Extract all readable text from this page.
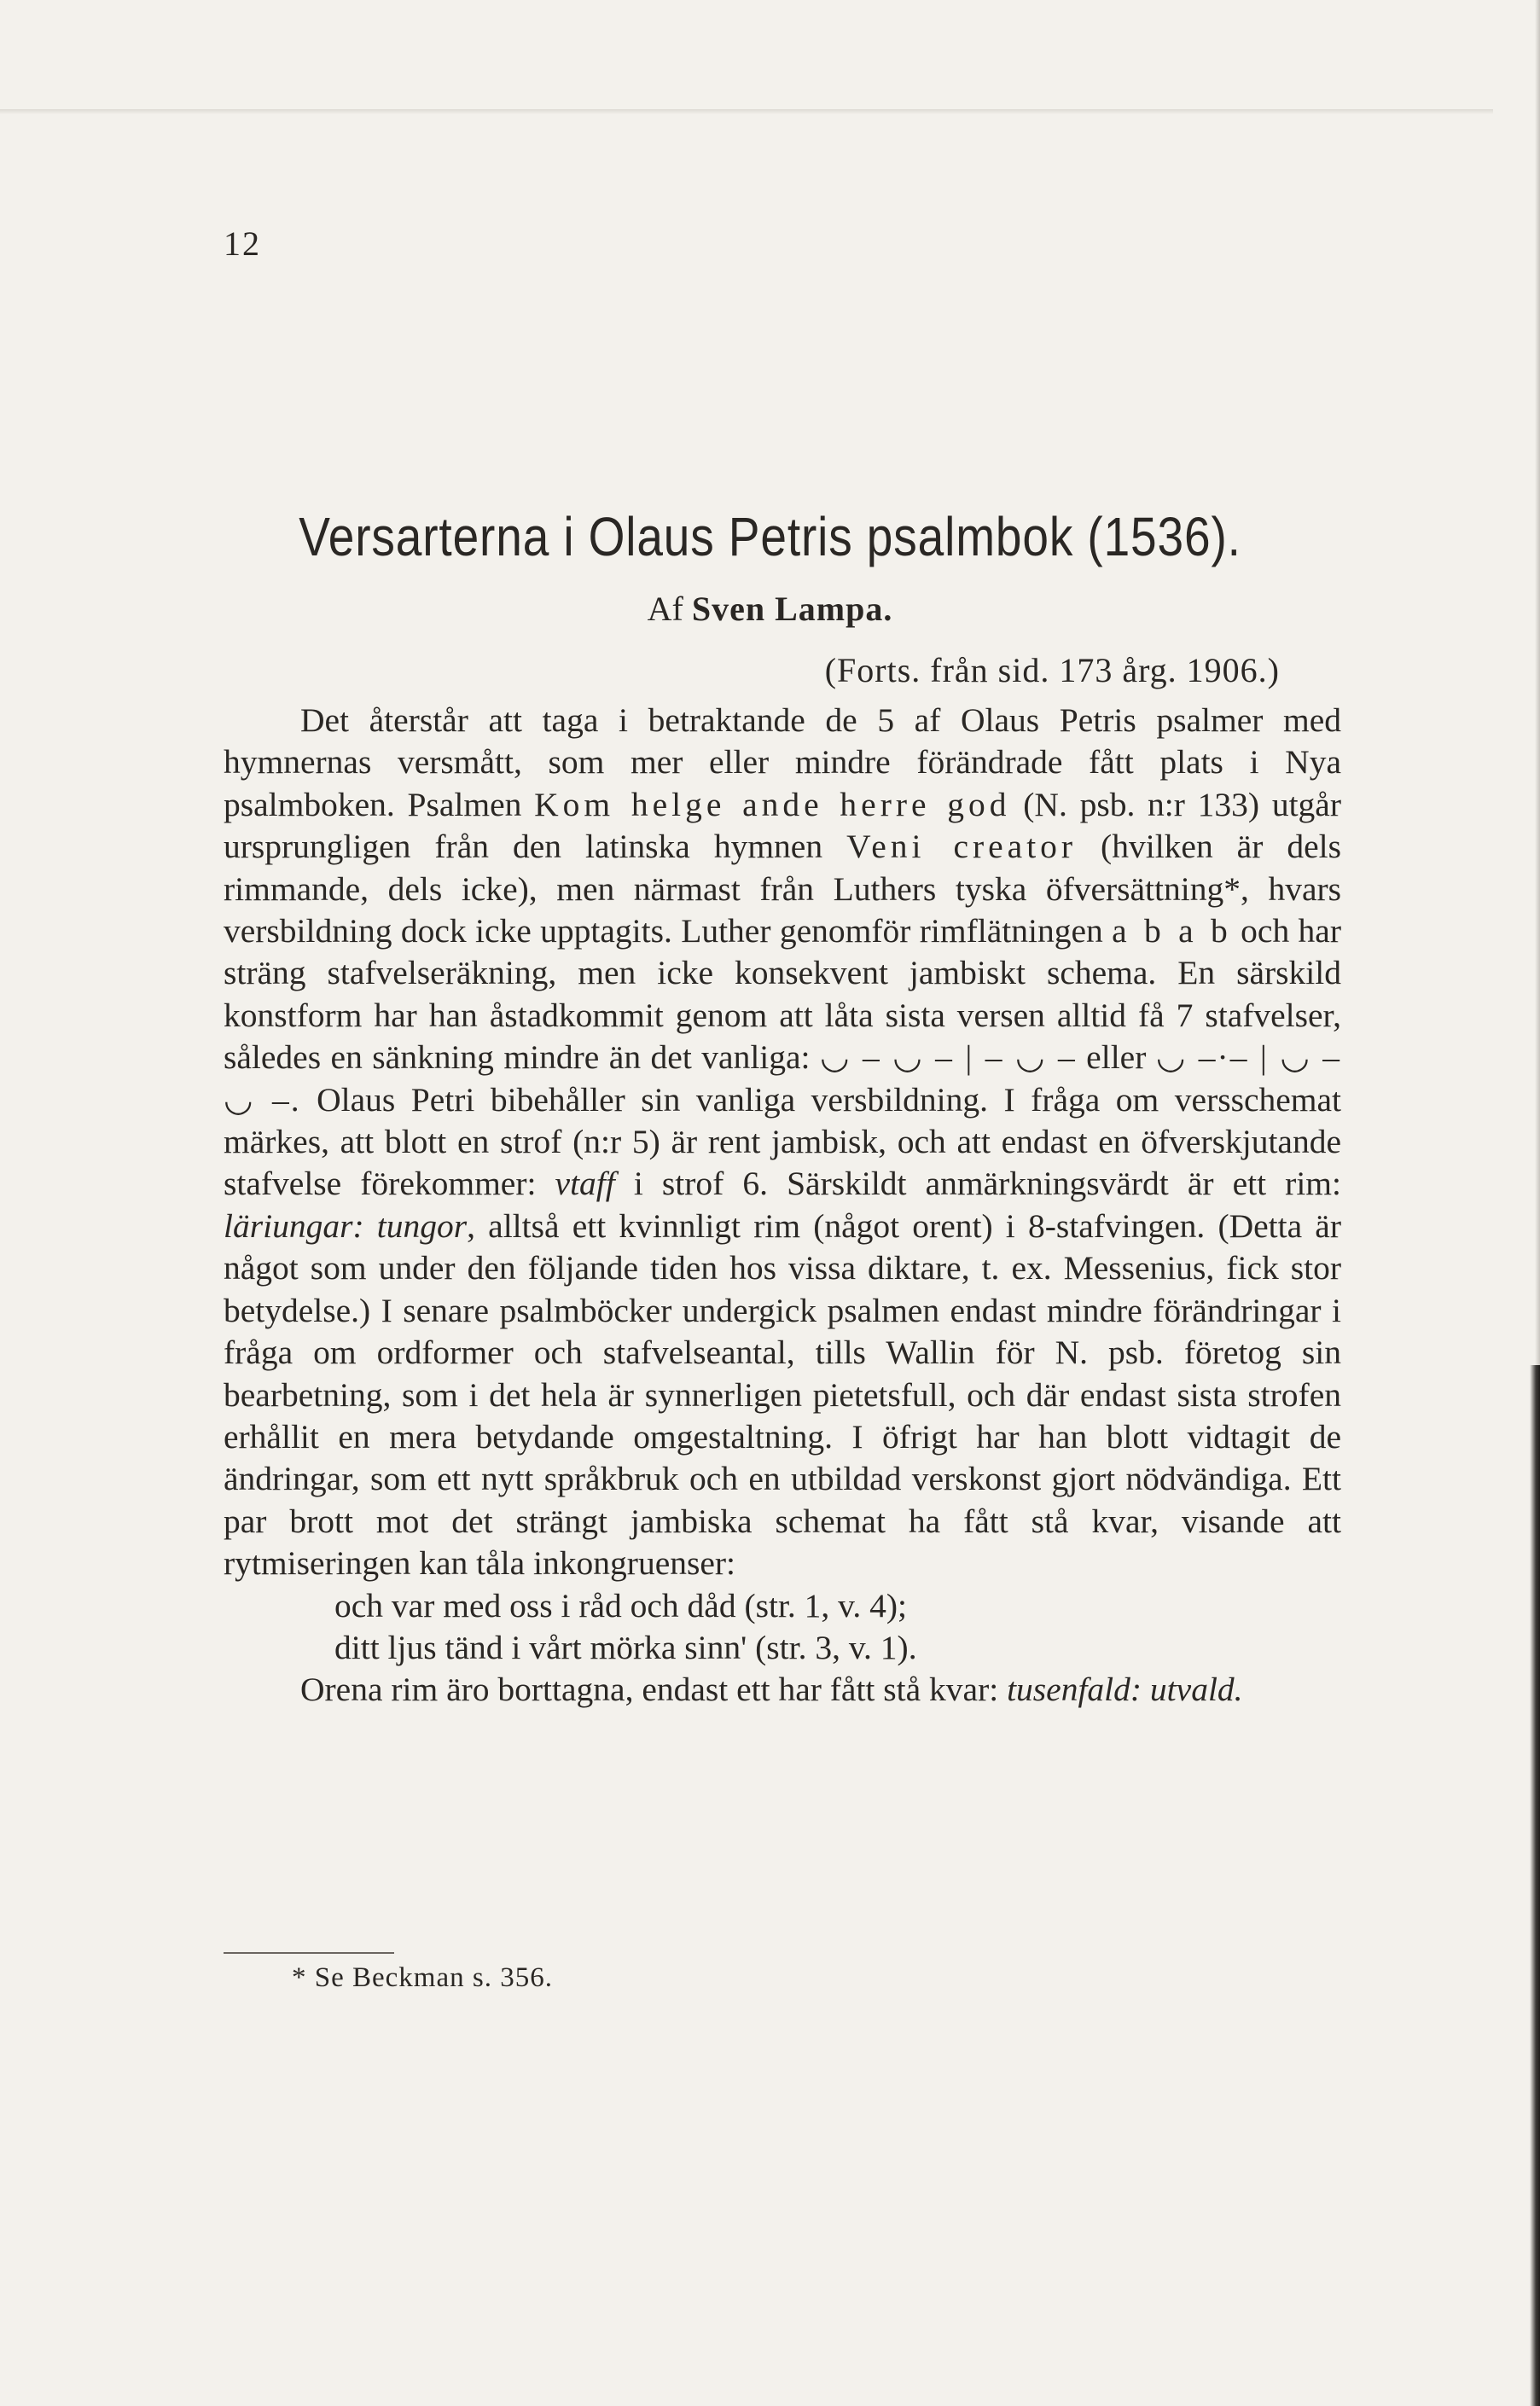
12
Versarterna i Olaus Petris psalmbok (1536).
Af Sven Lampa.
(Forts. från sid. 173 årg. 1906.)

Det återstår att taga i betraktande de 5 af Olaus Petris psalmer med hymnernas versmått, som mer eller mindre förändrade fått plats i Nya psalmboken. Psalmen Kom helge ande herre god (N. psb. n:r 133) utgår ursprungligen från den latinska hymnen Veni creator (hvilken är dels rimmande, dels icke), men närmast från Luthers tyska öfversättning*, hvars versbildning dock icke upptagits. Luther genomför rimflätningen a b a b och har sträng stafvelseräkning, men icke konsekvent jambiskt schema. En särskild konstform har han åstadkommit genom att låta sista versen alltid få 7 stafvelser, således en sänkning mindre än det vanliga: ◡ – ◡ – | – ◡ – eller ◡ –·– | ◡ – ◡ –. Olaus Petri bibehåller sin vanliga versbildning. I fråga om versschemat märkes, att blott en strof (n:r 5) är rent jambisk, och att endast en öfverskjutande stafvelse förekommer: vtaff i strof 6. Särskildt anmärkningsvärdt är ett rim: läriungar: tungor, alltså ett kvinnligt rim (något orent) i 8-stafvingen. (Detta är något som under den följande tiden hos vissa diktare, t. ex. Messenius, fick stor betydelse.) I senare psalmböcker undergick psalmen endast mindre förändringar i fråga om ordformer och stafvelseantal, tills Wallin för N. psb. företog sin bearbetning, som i det hela är synnerligen pietetsfull, och där endast sista strofen erhållit en mera betydande omgestaltning. I öfrigt har han blott vidtagit de ändringar, som ett nytt språkbruk och en utbildad verskonst gjort nödvändiga. Ett par brott mot det strängt jambiska schemat ha fått stå kvar, visande att rytmiseringen kan tåla inkongruenser:

och var med oss i råd och dåd (str. 1, v. 4);
ditt ljus tänd i vårt mörka sinn' (str. 3, v. 1).

Orena rim äro borttagna, endast ett har fått stå kvar: tusenfald: utvald.

* Se Beckman s. 356.
